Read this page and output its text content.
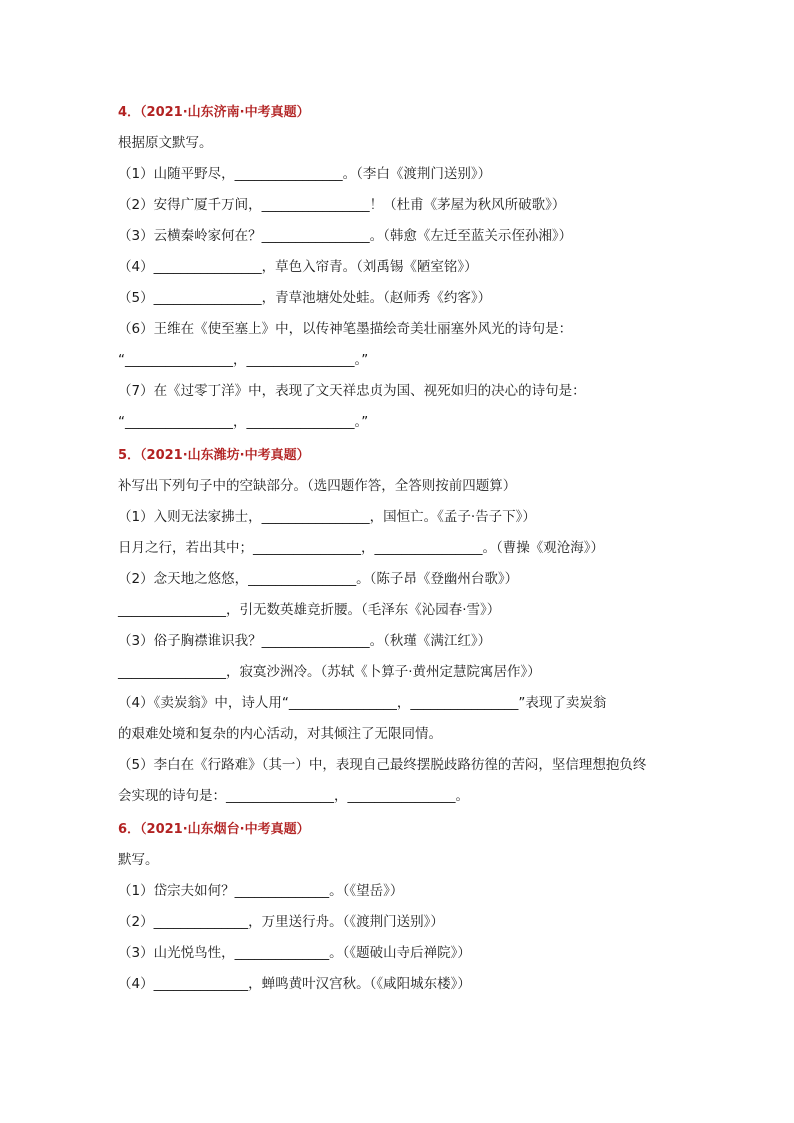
4．（2021·山东济南·中考真题）
根据原文默写。
（1）山随平野尽，________________。（李白《渡荆门送别》）
（2）安得广厦千万间，________________！（杜甫《茅屋为秋风所破歌》）
（3）云横秦岭家何在？________________。（韩愈《左迁至蓝关示侄孙湘》）
（4）________________，草色入帘青。（刘禹锡《陋室铭》）
（5）________________，青草池塘处处蛙。（赵师秀《约客》）
（6）王维在《使至塞上》中，以传神笔墨描绘奇美壮丽塞外风光的诗句是：
“________________，________________。”
（7）在《过零丁洋》中，表现了文天祥忠贞为国、视死如归的决心的诗句是：
“________________，________________。”
5．（2021·山东潍坊·中考真题）
补写出下列句子中的空缺部分。（选四题作答，全答则按前四题算）
（1）入则无法家拂士，________________，国恒亡。《孟子·告子下》）
日月之行，若出其中；________________，________________。（曹操《观沧海》）
（2）念天地之悠悠，________________。（陈子昂《登幽州台歌》）
________________，引无数英雄竞折腰。（毛泽东《沁园春·雪》）
（3）俗子胸襟谁识我？________________。（秋瑾《满江红》）
________________，寂寞沙洲冷。（苏轼《卜算子·黄州定慧院寓居作》）
（4）《卖炭翁》中，诗人用“________________，________________”表现了卖炭翁
的艰难处境和复杂的内心活动，对其倾注了无限同情。
（5）李白在《行路难》（其一）中，表现自己最终摆脱歧路彷徨的苦闷，坚信理想抱负终
会实现的诗句是：________________，________________。
6．（2021·山东烟台·中考真题）
默写。
（1）岱宗夫如何？______________。（《望岳》）
（2）______________，万里送行舟。（《渡荆门送别》）
（3）山光悦鸟性，______________。（《题破山寺后禅院》）
（4）______________，蝉鸣黄叶汉宫秋。（《咸阳城东楼》）
